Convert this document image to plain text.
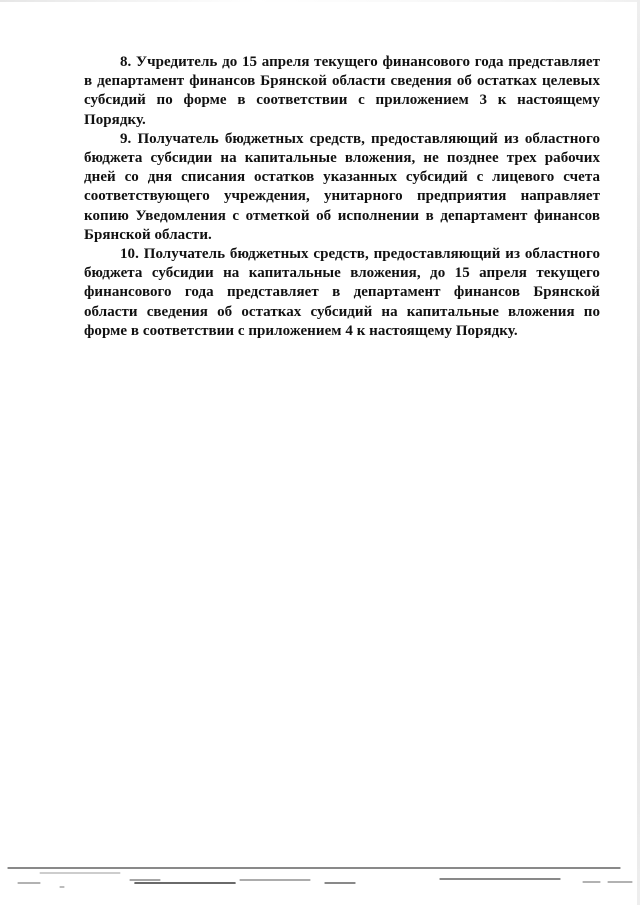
8. Учредитель до 15 апреля текущего финансового года представляет в департамент финансов Брянской области сведения об остатках целевых субсидий по форме в соответствии с приложением 3 к настоящему Порядку.

9. Получатель бюджетных средств, предоставляющий из областного бюджета субсидии на капитальные вложения, не позднее трех рабочих дней со дня списания остатков указанных субсидий с лицевого счета соответствующего учреждения, унитарного предприятия направляет копию Уведомления с отметкой об исполнении в департамент финансов Брянской области.

10. Получатель бюджетных средств, предоставляющий из областного бюджета субсидии на капитальные вложения, до 15 апреля текущего финансового года представляет в департамент финансов Брянской области сведения об остатках субсидий на капитальные вложения по форме в соответствии с приложением 4 к настоящему Порядку.
